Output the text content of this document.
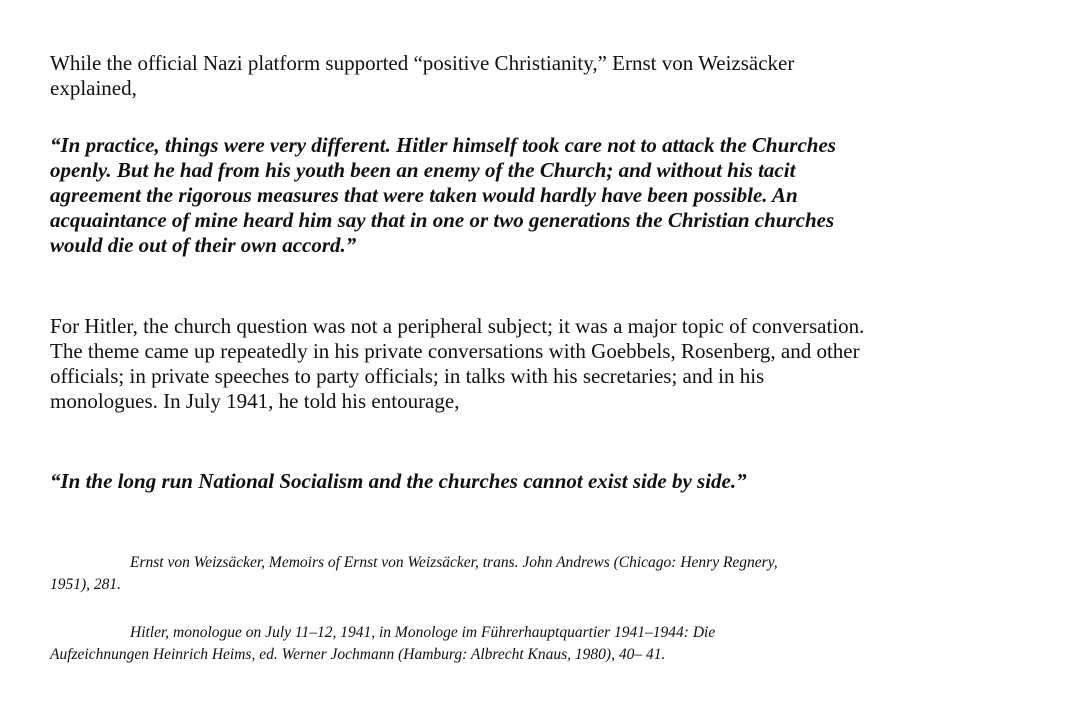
While the official Nazi platform supported “positive Christianity,” Ernst von Weizsäcker
explained,

“In practice, things were very different. Hitler himself took care not to attack the Churches
openly. But he had from his youth been an enemy of the Church; and without his tacit
agreement the rigorous measures that were taken would hardly have been possible. An
acquaintance of mine heard him say that in one or two generations the Christian churches
would die out of their own accord.”

For Hitler, the church question was not a peripheral subject; it was a major topic of conversation.
The theme came up repeatedly in his private conversations with Goebbels, Rosenberg, and other
officials; in private speeches to party officials; in talks with his secretaries; and in his
monologues. In July 1941, he told his entourage,

“In the long run National Socialism and the churches cannot exist side by side.”

Ernst von Weizsäcker, Memoirs of Ernst von Weizsäcker, trans. John Andrews (Chicago: Henry Regnery,
1951), 281.

Hitler, monologue on July 11–12, 1941, in Monologe im Führerhauptquartier 1941–1944: Die
Aufzeichnungen Heinrich Heims, ed. Werner Jochmann (Hamburg: Albrecht Knaus, 1980), 40– 41.
